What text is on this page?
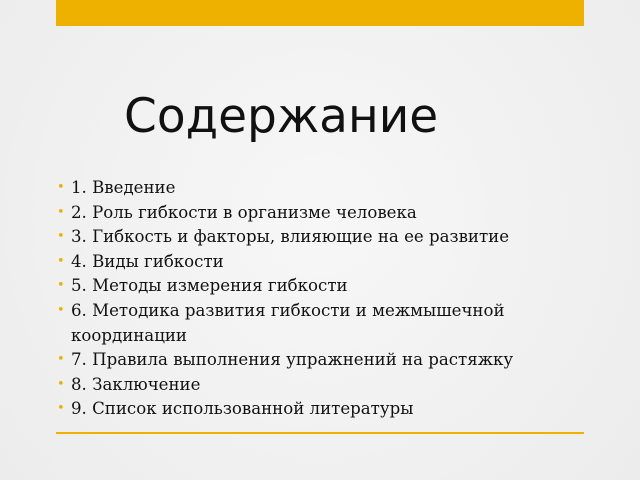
Содержание
• 1. Введение
• 2. Роль гибкости в организме человека
• 3. Гибкость и факторы, влияющие на ее развитие
• 4. Виды гибкости
• 5. Методы измерения гибкости
• 6. Методика развития гибкости и межмышечной координации
• 7. Правила выполнения упражнений на растяжку
• 8. Заключение
• 9. Список использованной литературы
